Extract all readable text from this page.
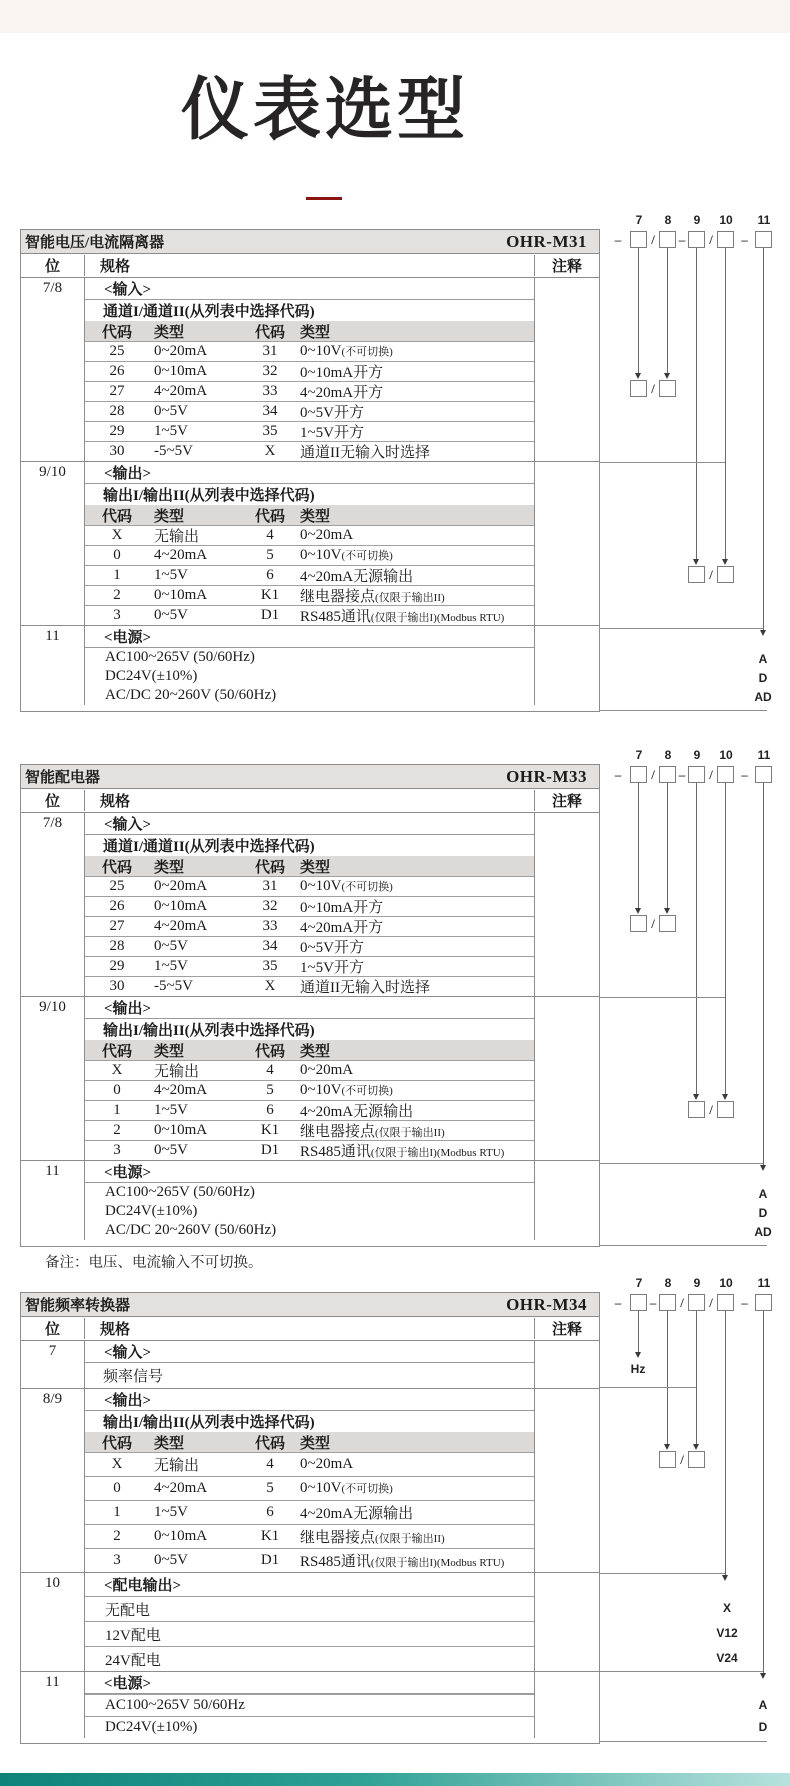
仪表选型
智能电压/电流隔离器	OHR-M31
位	规格	注释
7/8	<输入>
通道I/通道II(从列表中选择代码)
代码	类型	代码	类型
25	0~20mA	31	0~10V(不可切换)
26	0~10mA	32	0~10mA开方
27	4~20mA	33	4~20mA开方
28	0~5V	34	0~5V开方
29	1~5V	35	1~5V开方
30	-5~5V	X	通道II无输入时选择
9/10	<输出>
输出I/输出II(从列表中选择代码)
代码	类型	代码	类型
X	无输出	4	0~20mA
0	4~20mA	5	0~10V(不可切换)
1	1~5V	6	4~20mA无源输出
2	0~10mA	K1	继电器接点(仅限于输出II)
3	0~5V	D1	RS485通讯(仅限于输出I)(Modbus RTU)
11	<电源>
AC100~265V (50/60Hz)
DC24V(±10%)
AC/DC 20~260V (50/60Hz)
智能配电器	OHR-M33
位	规格	注释
7/8	<输入>
通道I/通道II(从列表中选择代码)
代码	类型	代码	类型
25	0~20mA	31	0~10V(不可切换)
26	0~10mA	32	0~10mA开方
27	4~20mA	33	4~20mA开方
28	0~5V	34	0~5V开方
29	1~5V	35	1~5V开方
30	-5~5V	X	通道II无输入时选择
9/10	<输出>
输出I/输出II(从列表中选择代码)
代码	类型	代码	类型
X	无输出	4	0~20mA
0	4~20mA	5	0~10V(不可切换)
1	1~5V	6	4~20mA无源输出
2	0~10mA	K1	继电器接点(仅限于输出II)
3	0~5V	D1	RS485通讯(仅限于输出I)(Modbus RTU)
11	<电源>
AC100~265V (50/60Hz)
DC24V(±10%)
AC/DC 20~260V (50/60Hz)
备注：电压、电流输入不可切换。
智能频率转换器	OHR-M34
位	规格	注释
7	<输入>
频率信号
8/9	<输出>
输出I/输出II(从列表中选择代码)
代码	类型	代码	类型
X	无输出	4	0~20mA
0	4~20mA	5	0~10V(不可切换)
1	1~5V	6	4~20mA无源输出
2	0~10mA	K1	继电器接点(仅限于输出II)
3	0~5V	D1	RS485通讯(仅限于输出I)(Modbus RTU)
10	<配电输出>
无配电
12V配电
24V配电
11	<电源>
AC100~265V 50/60Hz
DC24V(±10%)
7	8	9	10 11
–	/	–	/	–
/
/
A
D
AD
7	8	9	10 11
–	/	–	/	–
/
/
A
D
AD
7	8	9	10 11
–	–	/	/	–
Hz
/
X
V12
V24
A
D
